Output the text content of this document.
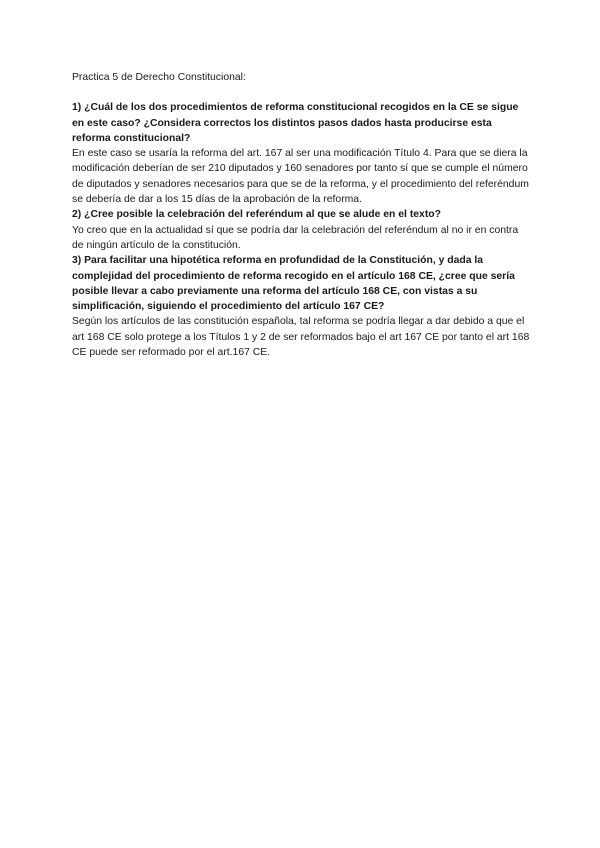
Practica 5 de Derecho Constitucional:

1) ¿Cuál de los dos procedimientos de reforma constitucional recogidos en la CE se sigue en este caso? ¿Considera correctos los distintos pasos dados hasta producirse esta reforma constitucional?

En este caso se usaría la reforma del art. 167 al ser una modificación Título 4. Para que se diera la modificación deberían de ser 210 diputados y 160 senadores por tanto sí que se cumple el número de diputados y senadores necesarios para que se de la reforma, y el procedimiento del referéndum se debería de dar a los 15 días de la aprobación de la reforma.

2) ¿Cree posible la celebración del referéndum al que se alude en el texto?

Yo creo que en la actualidad sí que se podría dar la celebración del referéndum al no ir en contra de ningún artículo de la constitución.

3) Para facilitar una hipotética reforma en profundidad de la Constitución, y dada la complejidad del procedimiento de reforma recogido en el artículo 168 CE, ¿cree que sería posible llevar a cabo previamente una reforma del artículo 168 CE, con vistas a su simplificación, siguiendo el procedimiento del artículo 167 CE?

Según los artículos de las constitución española, tal reforma se podría llegar a dar debido a que el art 168 CE solo protege a los Títulos 1 y 2 de ser reformados bajo el art 167 CE por tanto el art 168 CE puede ser reformado por el art.167 CE.
